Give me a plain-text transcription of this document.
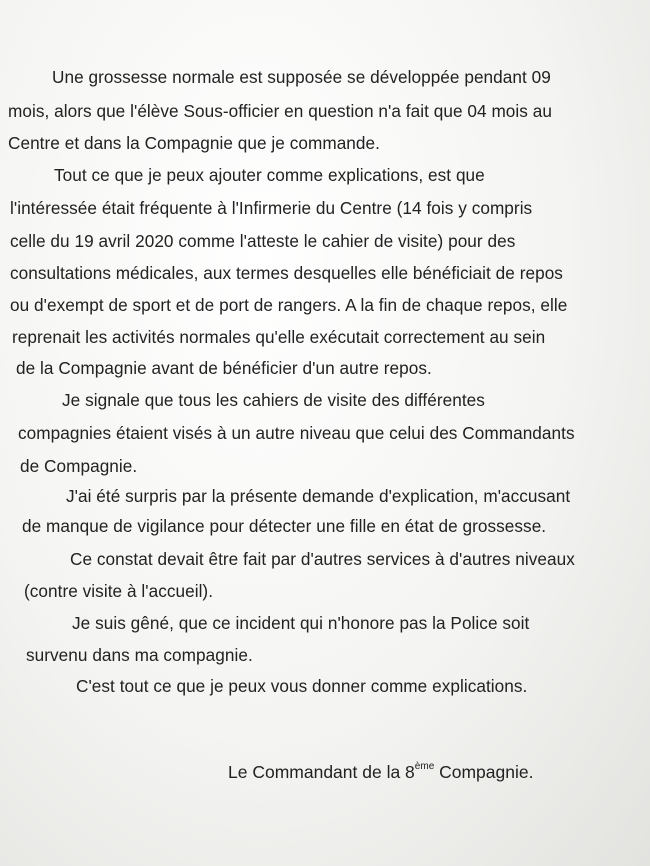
Une grossesse normale est supposée se développée pendant 09
mois, alors que l'élève Sous-officier en question n'a fait que 04 mois au
Centre et dans la Compagnie que je commande.
Tout ce que je peux ajouter comme explications, est que
l'intéressée était fréquente à l'Infirmerie du Centre (14 fois y compris
celle du 19 avril 2020 comme l'atteste le cahier de visite) pour des
consultations médicales, aux termes desquelles elle bénéficiait de repos
ou d'exempt de sport et de port de rangers. A la fin de chaque repos, elle
reprenait les activités normales qu'elle exécutait correctement au sein
de la Compagnie avant de bénéficier d'un autre repos.
Je signale que tous les cahiers de visite des différentes
compagnies étaient visés à un autre niveau que celui des Commandants
de Compagnie.
J'ai été surpris par la présente demande d'explication, m'accusant
de manque de vigilance pour détecter une fille en état de grossesse.
Ce constat devait être fait par d'autres services à d'autres niveaux
(contre visite à l'accueil).
Je suis gêné, que ce incident qui n'honore pas la Police soit
survenu dans ma compagnie.
C'est tout ce que je peux vous donner comme explications.
Le Commandant de la 8ème Compagnie.
